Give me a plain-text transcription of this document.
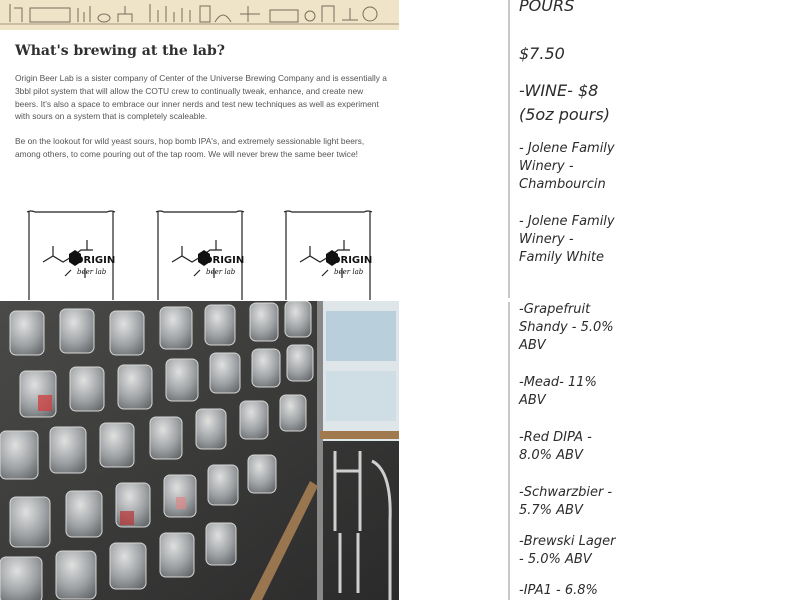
What's brewing at the lab?

Origin Beer Lab is a sister company of Center of the Universe Brewing Company and is essentially a 3bbl pilot system that will allow the COTU crew to continually tweak, enhance, and create new beers. It's also a space to embrace our inner nerds and test new techniques as well as experiment with sours on a system that is completely scaleable.

Be on the lookout for wild yeast sours, hop bomb IPA's, and extremely sessionable light beers, among others, to come pouring out of the tap room. We will never brew the same beer twice!

ORIGIN
beer lab
ORIGIN
beer lab
ORIGIN
beer lab
POURS
$7.50
-WINE- $8
(5oz pours)
- Jolene Family
Winery -
Chambourcin
- Jolene Family
Winery -
Family White
-Grapefruit
Shandy - 5.0%
ABV
-Mead- 11%
ABV
-Red DIPA -
8.0% ABV
-Schwarzbier -
5.7% ABV
-Brewski Lager
- 5.0% ABV
-IPA1 - 6.8%
